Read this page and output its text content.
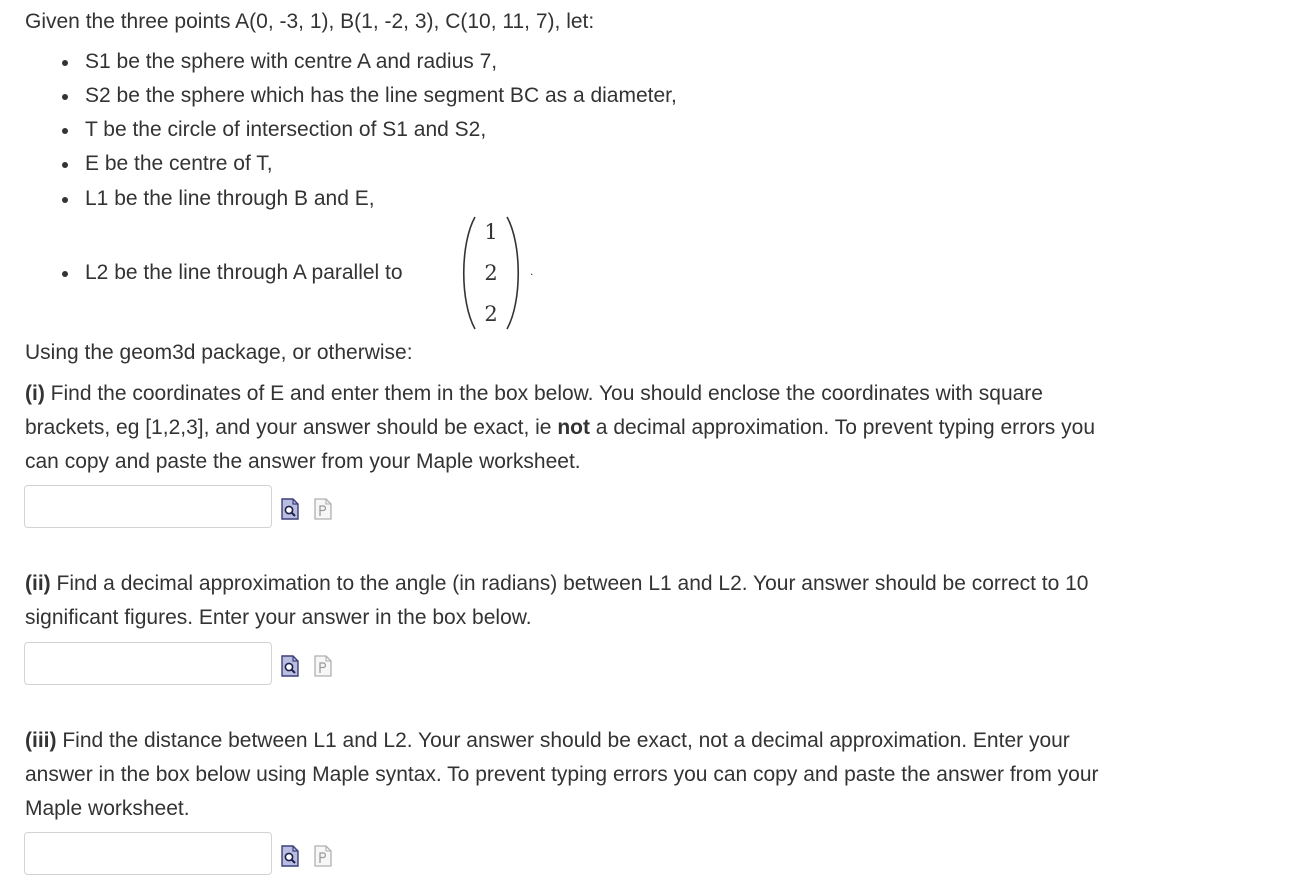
Given the three points A(0, -3, 1), B(1, -2, 3), C(10, 11, 7), let:
S1 be the sphere with centre A and radius 7,
S2 be the sphere which has the line segment BC as a diameter,
T be the circle of intersection of S1 and S2,
E be the centre of T,
L1 be the line through B and E,
L2 be the line through A parallel to
1
2
2
.
Using the geom3d package, or otherwise:
(i) Find the coordinates of E and enter them in the box below. You should enclose the coordinates with square
brackets, eg [1,2,3], and your answer should be exact, ie not a decimal approximation. To prevent typing errors you
can copy and paste the answer from your Maple worksheet.
(ii) Find a decimal approximation to the angle (in radians) between L1 and L2. Your answer should be correct to 10
significant figures. Enter your answer in the box below.
(iii) Find the distance between L1 and L2. Your answer should be exact, not a decimal approximation. Enter your
answer in the box below using Maple syntax. To prevent typing errors you can copy and paste the answer from your
Maple worksheet.
